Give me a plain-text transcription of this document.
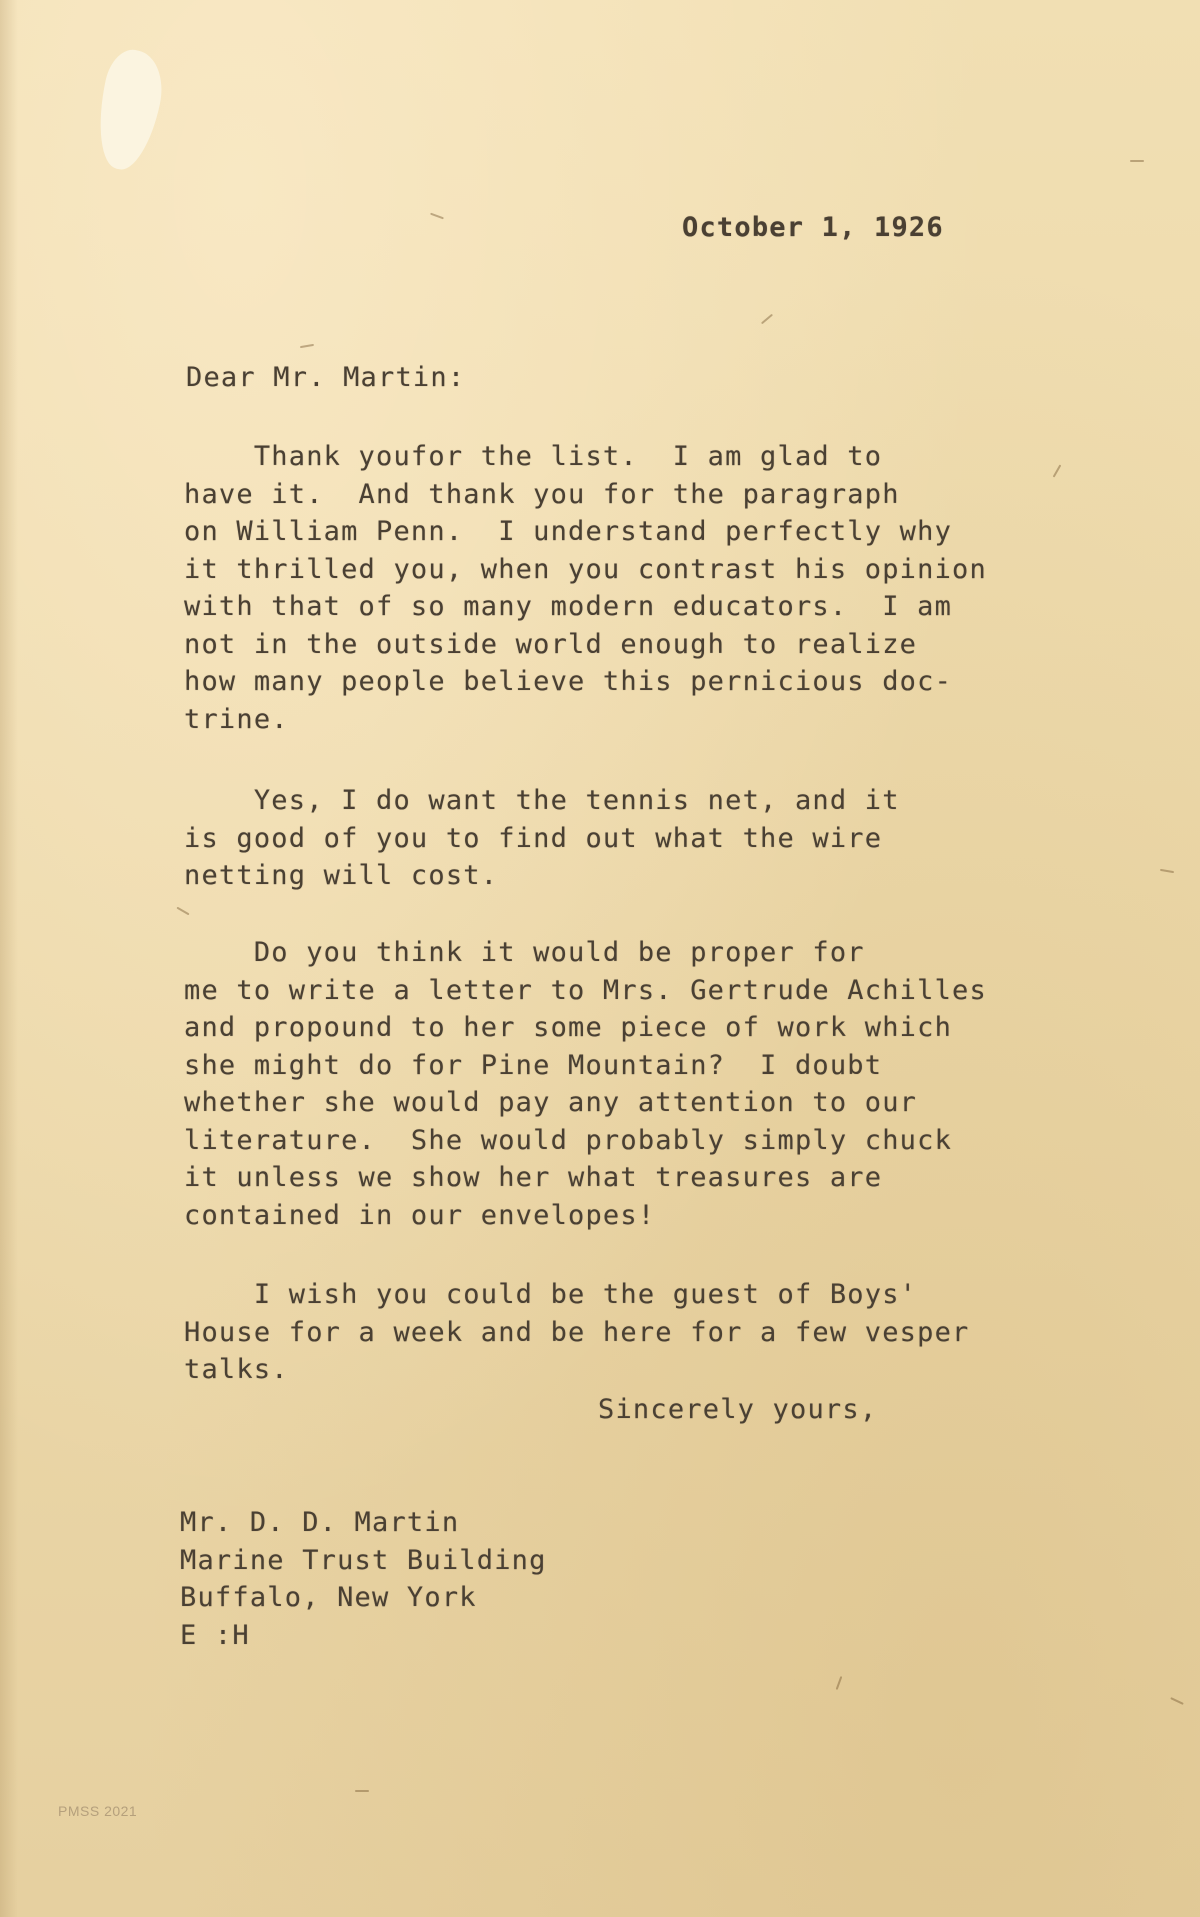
October 1, 1926

Dear Mr. Martin:

Thank youfor the list.  I am glad to
have it.  And thank you for the paragraph
on William Penn.  I understand perfectly why
it thrilled you, when you contrast his opinion
with that of so many modern educators.  I am
not in the outside world enough to realize
how many people believe this pernicious doc-
trine.

Yes, I do want the tennis net, and it
is good of you to find out what the wire
netting will cost.

Do you think it would be proper for
me to write a letter to Mrs. Gertrude Achilles
and propound to her some piece of work which
she might do for Pine Mountain?  I doubt
whether she would pay any attention to our
literature.  She would probably simply chuck
it unless we show her what treasures are
contained in our envelopes!

I wish you could be the guest of Boys'
House for a week and be here for a few vesper
talks.

Sincerely yours,

Mr. D. D. Martin
Marine Trust Building
Buffalo, New York
E :H

PMSS 2021
